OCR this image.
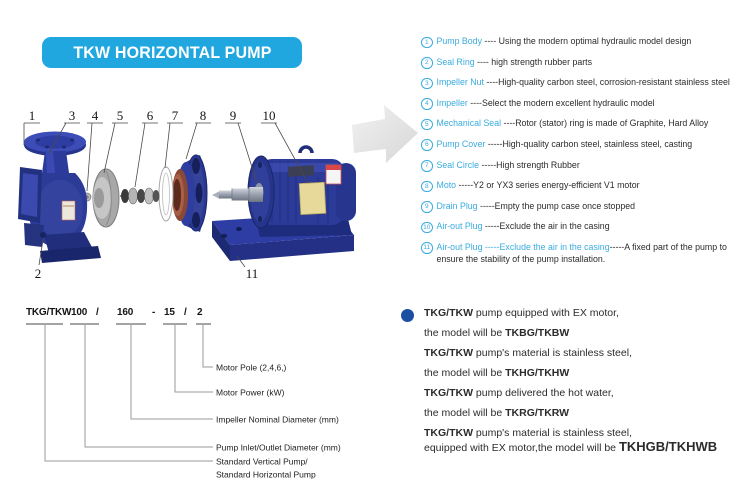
TKW HORIZONTAL PUMP
1
2
3 4 5 6 7 8 9 10
11
1 Pump Body ---- Using the modern optimal hydraulic model design
2 Seal Ring ---- high strength rubber parts
3 Impeller Nut ----High-quality carbon steel, corrosion-resistant stainless steel
4 Impeller ----Select the modern excellent hydraulic model
5 Mechanical Seal ----Rotor (stator) ring is made of Graphite, Hard Alloy
6 Pump Cover -----High-quality carbon steel, stainless steel, casting
7 Seal Circle -----High strength Rubber
8 Moto -----Y2 or YX3 series energy-efficient V1 motor
9 Drain Plug -----Empty the pump case once stopped
10 Air-out Plug -----Exclude the air in the casing
11 Air-out Plug -----Exclude the air in the casing-----A fixed part of the pump to ensure the stability of the pump installation.
TKG/TKW 100 / 160 - 15 / 2
Motor Pole (2,4,6,)
Motor Power (kW)
Impeller Nominal Diameter (mm)
Pump Inlet/Outlet Diameter (mm)
Standard Vertical Pump/
Standard Horizontal Pump
TKG/TKW pump equipped with EX motor,
the model will be TKBG/TKBW
TKG/TKW pump's material is stainless steel,
the model will be TKHG/TKHW
TKG/TKW pump delivered the hot water,
the model will be TKRG/TKRW
TKG/TKW pump's material is stainless steel,
equipped with EX motor,the model will be TKHGB/TKHWB
